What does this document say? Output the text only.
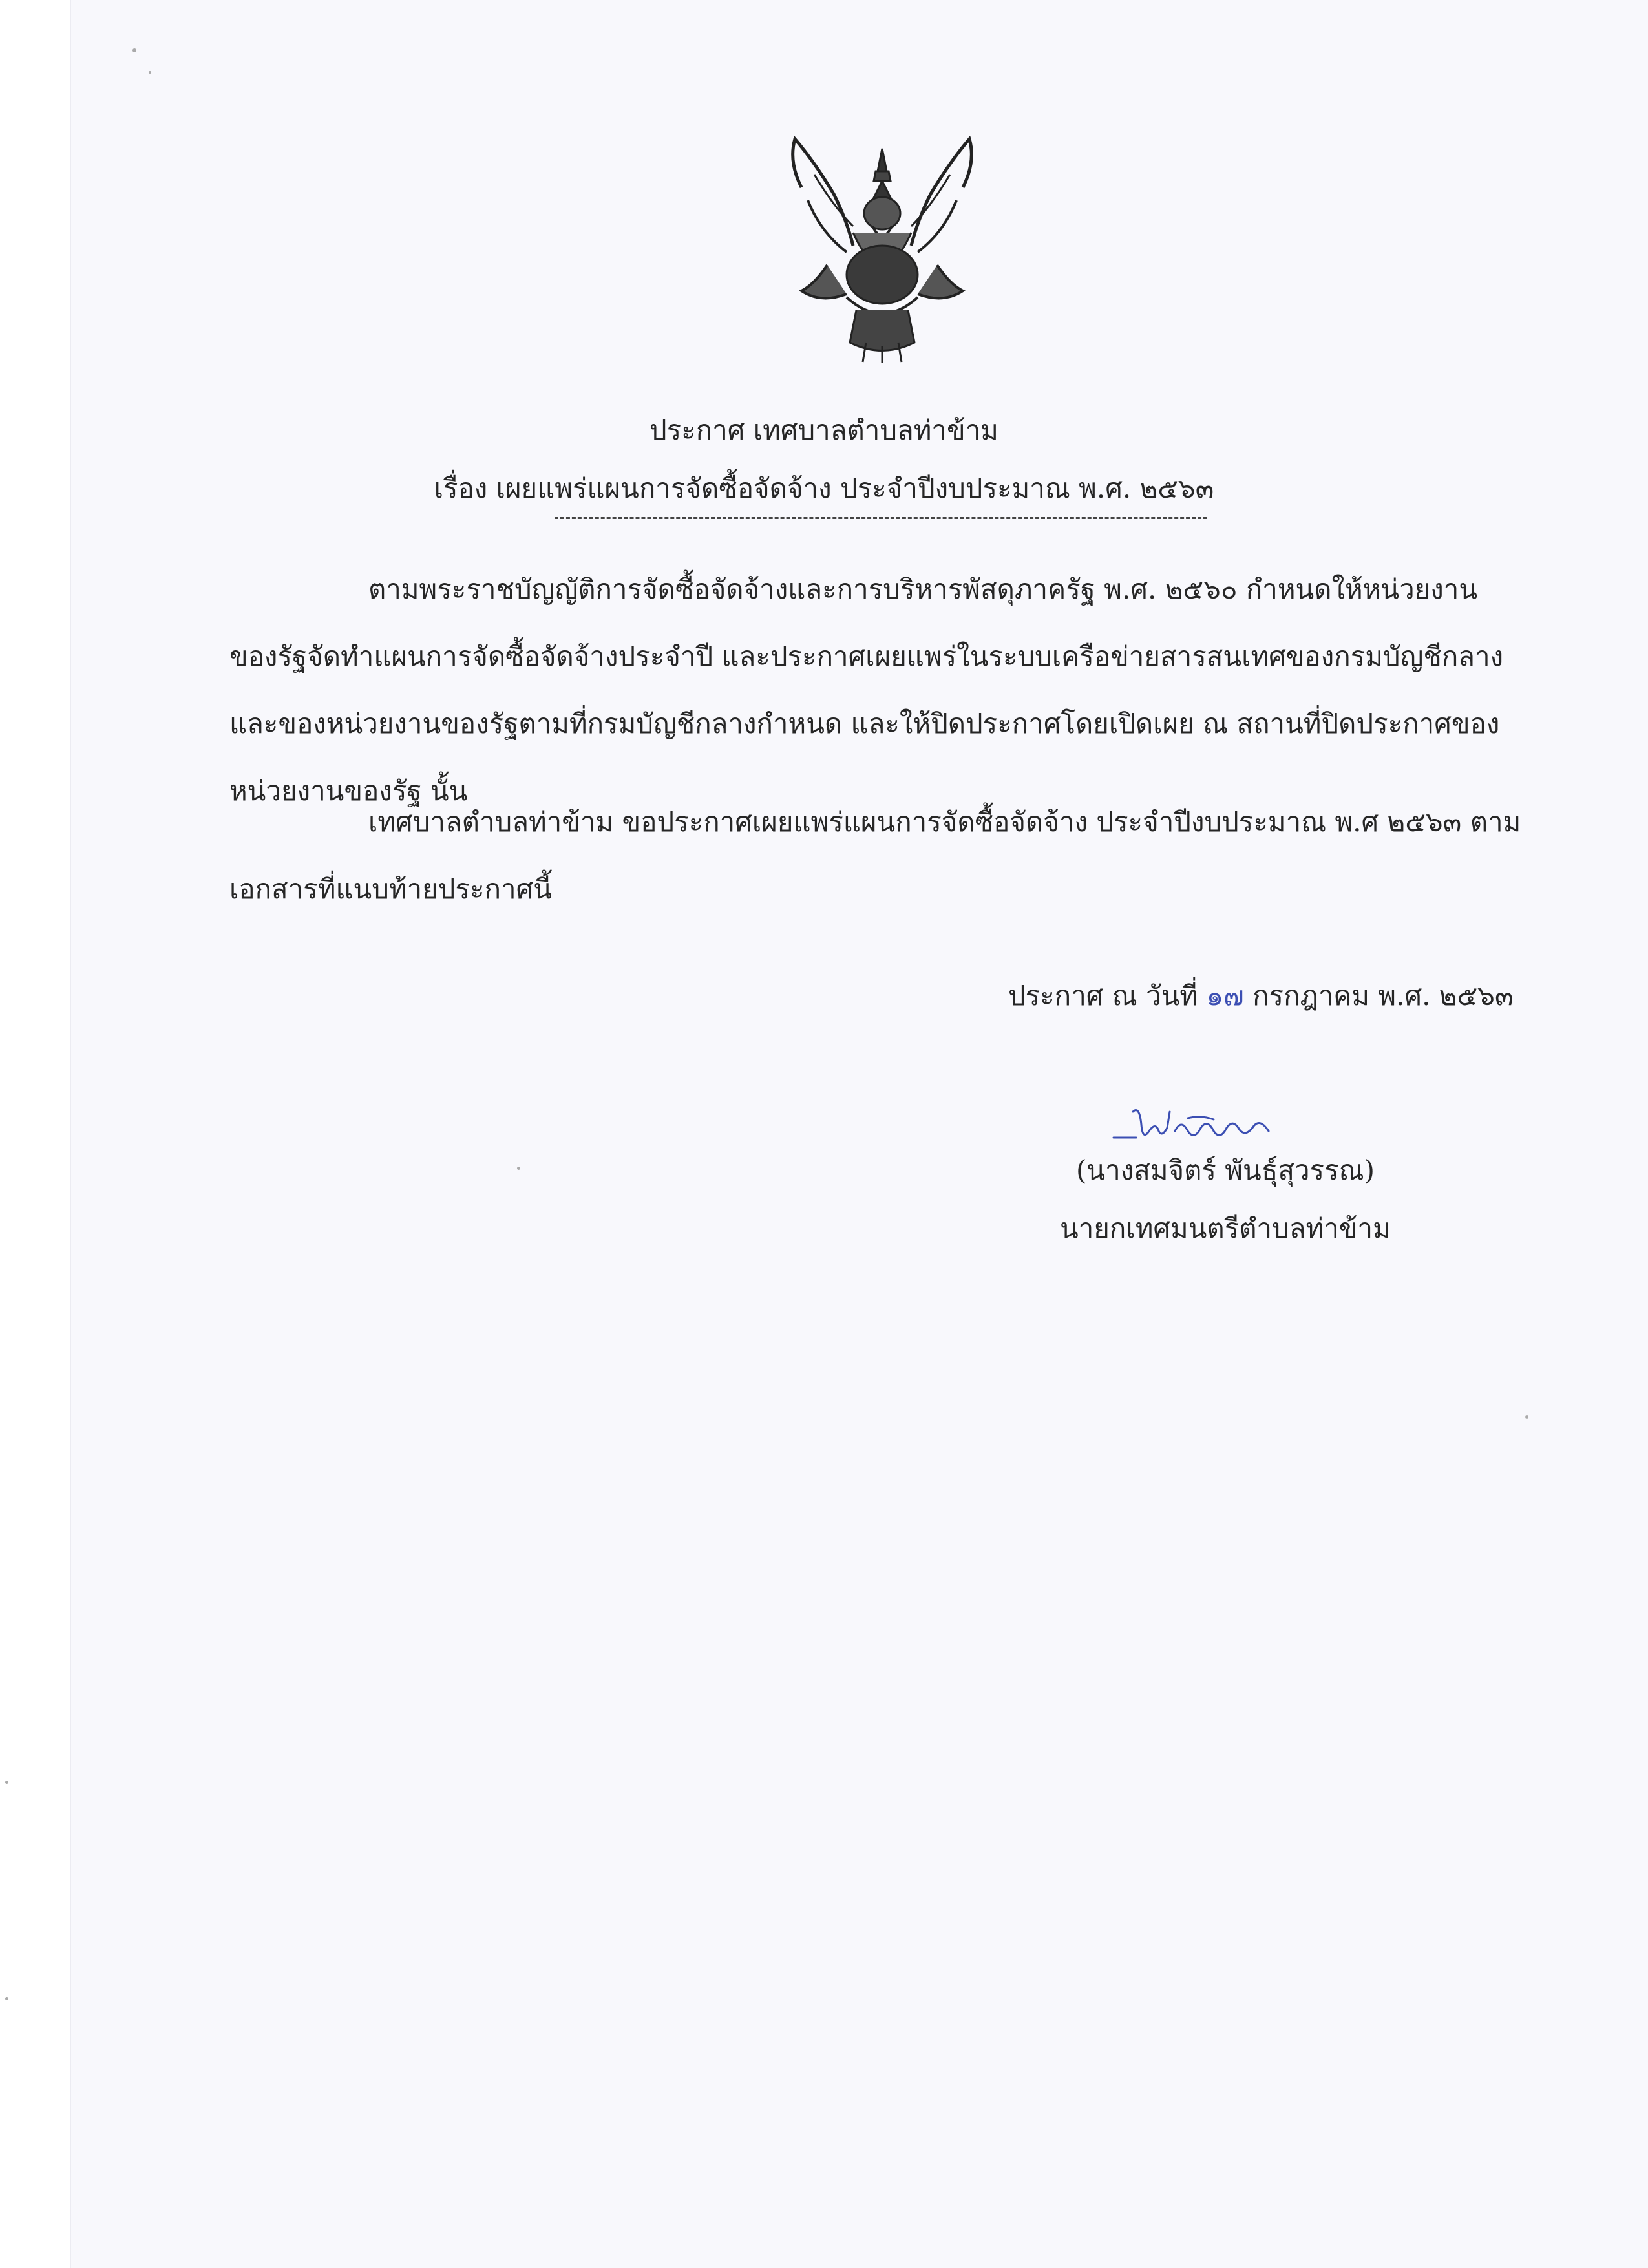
ประกาศ เทศบาลตำบลท่าข้าม
เรื่อง เผยแพร่แผนการจัดซื้อจัดจ้าง ประจำปีงบประมาณ พ.ศ. ๒๕๖๓
ตามพระราชบัญญัติการจัดซื้อจัดจ้างและการบริหารพัสดุภาครัฐ พ.ศ. ๒๕๖๐ กำหนดให้หน่วยงานของรัฐจัดทำแผนการจัดซื้อจัดจ้างประจำปี และประกาศเผยแพร่ในระบบเครือข่ายสารสนเทศของกรมบัญชีกลางและของหน่วยงานของรัฐตามที่กรมบัญชีกลางกำหนด และให้ปิดประกาศโดยเปิดเผย ณ สถานที่ปิดประกาศของหน่วยงานของรัฐ นั้น
เทศบาลตำบลท่าข้าม ขอประกาศเผยแพร่แผนการจัดซื้อจัดจ้าง ประจำปีงบประมาณ พ.ศ ๒๕๖๓ ตามเอกสารที่แนบท้ายประกาศนี้
ประกาศ ณ วันที่ ๑๗ กรกฎาคม พ.ศ. ๒๕๖๓
(นางสมจิตร์ พันธุ์สุวรรณ)
นายกเทศมนตรีตำบลท่าข้าม
